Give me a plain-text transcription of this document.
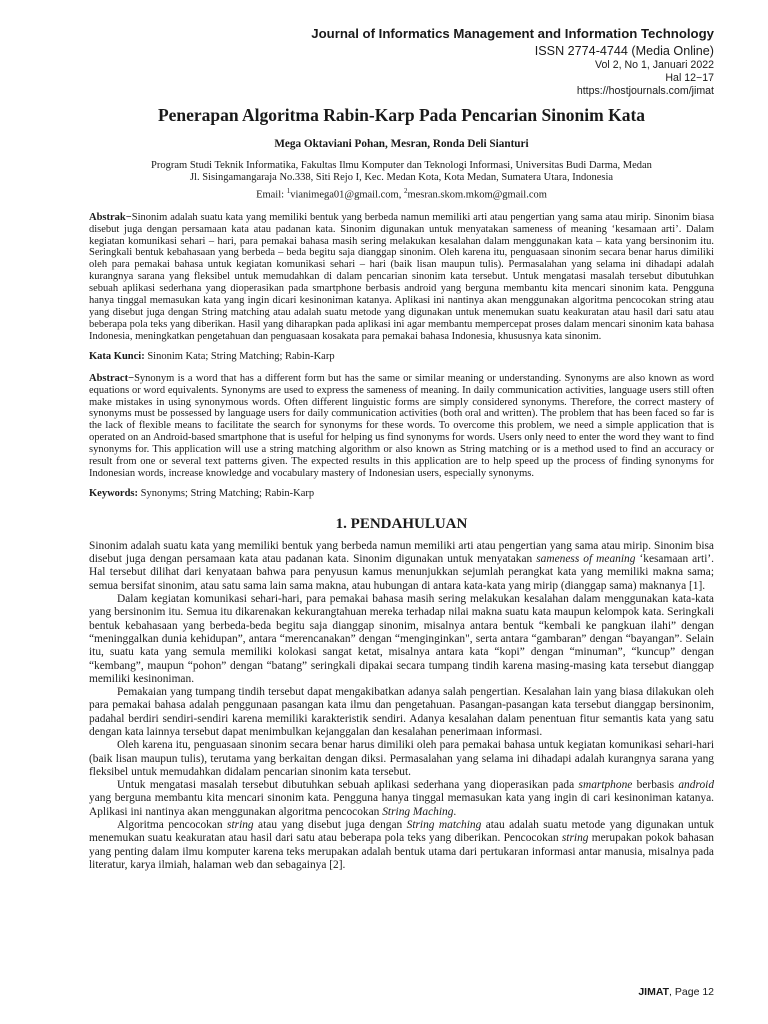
Journal of Informatics Management and Information Technology
ISSN 2774-4744 (Media Online)
Vol 2, No 1, Januari 2022
Hal 12−17
https://hostjournals.com/jimat
Penerapan Algoritma Rabin-Karp Pada Pencarian Sinonim Kata
Mega Oktaviani Pohan, Mesran, Ronda Deli Sianturi
Program Studi Teknik Informatika, Fakultas Ilmu Komputer dan Teknologi Informasi, Universitas Budi Darma, Medan
Jl. Sisingamangaraja No.338, Siti Rejo I, Kec. Medan Kota, Kota Medan, Sumatera Utara, Indonesia
Email: $^1$vianimega01@gmail.com, $^2$mesran.skom.mkom@gmail.com
Abstrak−Sinonim adalah suatu kata yang memiliki bentuk yang berbeda namun memiliki arti atau pengertian yang sama atau mirip. Sinonim biasa disebut juga dengan persamaan kata atau padanan kata. Sinonim digunakan untuk menyatakan sameness of meaning ‘kesamaan arti’. Dalam kegiatan komunikasi sehari – hari, para pemakai bahasa masih sering melakukan kesalahan dalam menggunakan kata – kata yang bersinonim itu. Seringkali bentuk kebahasaan yang berbeda – beda begitu saja dianggap sinonim. Oleh karena itu, penguasaan sinonim secara benar harus dimiliki oleh para pemakai bahasa untuk kegiatan komunikasi sehari – hari (baik lisan maupun tulis). Permasalahan yang selama ini dihadapi adalah kurangnya sarana yang fleksibel untuk memudahkan di dalam pencarian sinonim kata tersebut. Untuk mengatasi masalah tersebut dibutuhkan sebuah aplikasi sederhana yang dioperasikan pada smartphone berbasis android yang berguna membantu kita mencari sinonim kata. Pengguna hanya tinggal memasukan kata yang ingin dicari kesinoniman katanya. Aplikasi ini nantinya akan menggunakan algoritma pencocokan string atau yang disebut juga dengan String matching atau adalah suatu metode yang digunakan untuk menemukan suatu keakuratan atau hasil dari satu atau beberapa pola teks yang diberikan. Hasil yang diharapkan pada aplikasi ini agar membantu mempercepat proses dalam mencari sinonim kata bahasa Indonesia, meningkatkan pengetahuan dan penguasaan kosakata para pemakai bahasa Indonesia, khususnya kata sinonim.
Kata Kunci: Sinonim Kata; String Matching; Rabin-Karp
Abstract−Synonym is a word that has a different form but has the same or similar meaning or understanding. Synonyms are also known as word equations or word equivalents. Synonyms are used to express the sameness of meaning. In daily communication activities, language users still often make mistakes in using synonymous words. Often different linguistic forms are simply considered synonyms. Therefore, the correct mastery of synonyms must be possessed by language users for daily communication activities (both oral and written). The problem that has been faced so far is the lack of flexible means to facilitate the search for synonyms for these words. To overcome this problem, we need a simple application that is operated on an Android-based smartphone that is useful for helping us find synonyms for words. Users only need to enter the word they want to find synonyms for. This application will use a string matching algorithm or also known as String matching or is a method used to find an accuracy or result from one or several text patterns given. The expected results in this application are to help speed up the process of finding synonyms for Indonesian words, increase knowledge and vocabulary mastery of Indonesian users, especially synonyms.
Keywords: Synonyms; String Matching; Rabin-Karp
1. PENDAHULUAN

Sinonim adalah suatu kata yang memiliki bentuk yang berbeda namun memiliki arti atau pengertian yang sama atau mirip. Sinonim bisa disebut juga dengan persamaan kata atau padanan kata. Sinonim digunakan untuk menyatakan sameness of meaning ‘kesamaan arti’. Hal tersebut dilihat dari kenyataan bahwa para penyusun kamus menunjukkan sejumlah perangkat kata yang memiliki makna sama; semua bersifat sinonim, atau satu sama lain sama makna, atau hubungan di antara kata-kata yang mirip (dianggap sama) maknanya [1].

Dalam kegiatan komunikasi sehari-hari, para pemakai bahasa masih sering melakukan kesalahan dalam menggunakan kata-kata yang bersinonim itu. Semua itu dikarenakan kekurangtahuan mereka terhadap nilai makna suatu kata maupun kelompok kata. Seringkali bentuk kebahasaan yang berbeda-beda begitu saja dianggap sinonim, misalnya antara bentuk “kembali ke pangkuan ilahi” dengan “meninggalkan dunia kehidupan”, antara “merencanakan” dengan “menginginkan", serta antara “gambaran” dengan “bayangan”. Selain itu, suatu kata yang semula memiliki kolokasi sangat ketat, misalnya antara kata “kopi” dengan “minuman”, “kuncup” dengan “kembang”, maupun “pohon” dengan “batang” seringkali dipakai secara tumpang tindih karena masing-masing kata tersebut dianggap memiliki kesinoniman.

Pemakaian yang tumpang tindih tersebut dapat mengakibatkan adanya salah pengertian. Kesalahan lain yang biasa dilakukan oleh para pemakai bahasa adalah penggunaan pasangan kata ilmu dan pengetahuan. Pasangan-pasangan kata tersebut dianggap bersinonim, padahal berdiri sendiri-sendiri karena memiliki karakteristik sendiri. Adanya kesalahan dalam penentuan fitur semantis kata yang satu dengan kata lainnya tersebut dapat menimbulkan kejanggalan dan kesalahan penerimaan informasi.

Oleh karena itu, penguasaan sinonim secara benar harus dimiliki oleh para pemakai bahasa untuk kegiatan komunikasi sehari-hari (baik lisan maupun tulis), terutama yang berkaitan dengan diksi. Permasalahan yang selama ini dihadapi adalah kurangnya sarana yang fleksibel untuk memudahkan didalam pencarian sinonim kata tersebut.

Untuk mengatasi masalah tersebut dibutuhkan sebuah aplikasi sederhana yang dioperasikan pada smartphone berbasis android yang berguna membantu kita mencari sinonim kata. Pengguna hanya tinggal memasukan kata yang ingin di cari kesinoniman katanya. Aplikasi ini nantinya akan menggunakan algoritma pencocokan String Maching.

Algoritma pencocokan string atau yang disebut juga dengan String matching atau adalah suatu metode yang digunakan untuk menemukan suatu keakuratan atau hasil dari satu atau beberapa pola teks yang diberikan. Pencocokan string merupakan pokok bahasan yang penting dalam ilmu komputer karena teks merupakan adalah bentuk utama dari pertukaran informasi antar manusia, misalnya pada literatur, karya ilmiah, halaman web dan sebagainya [2].

JIMAT, Page 12
